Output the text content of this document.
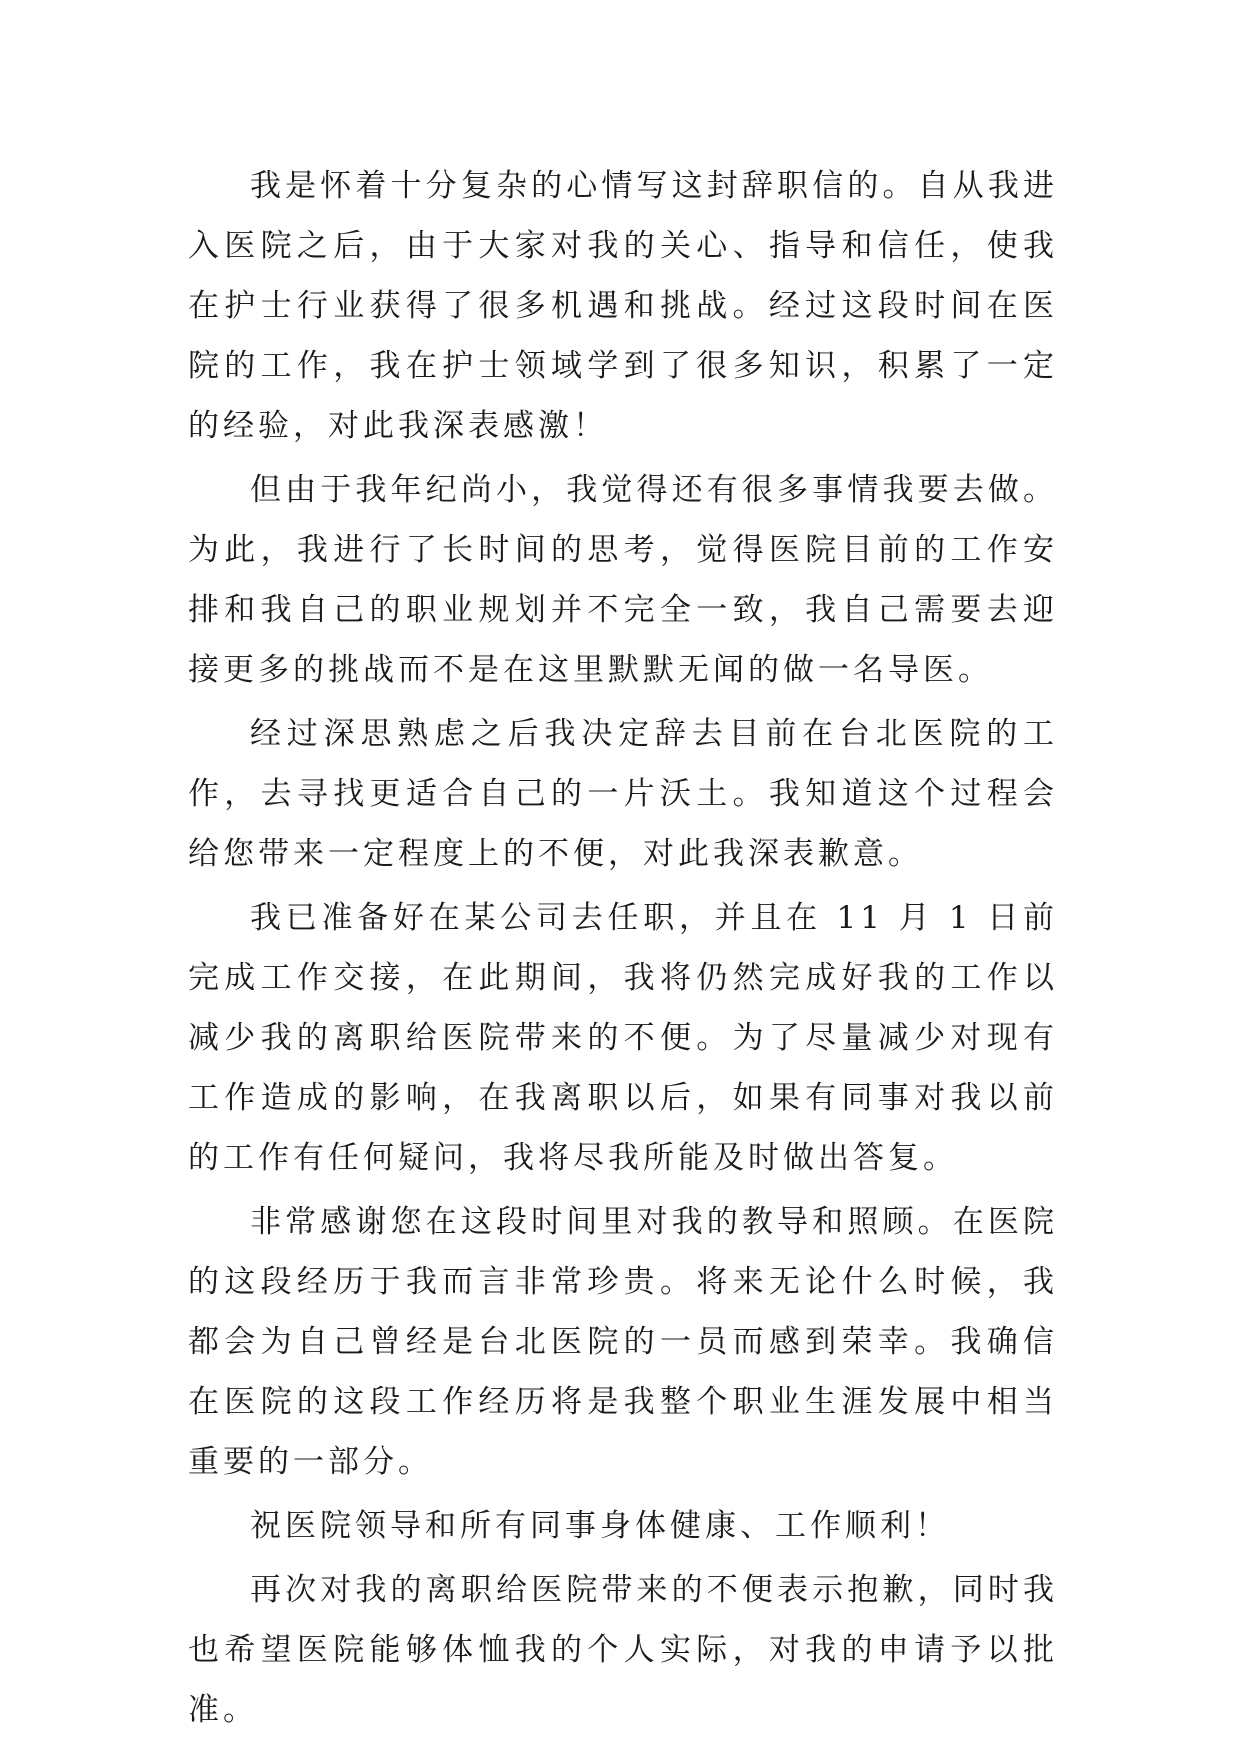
我是怀着十分复杂的心情写这封辞职信的。自从我进入医院之后，由于大家对我的关心、指导和信任，使我在护士行业获得了很多机遇和挑战。经过这段时间在医院的工作，我在护士领域学到了很多知识，积累了一定的经验，对此我深表感激！

但由于我年纪尚小，我觉得还有很多事情我要去做。为此，我进行了长时间的思考，觉得医院目前的工作安排和我自己的职业规划并不完全一致，我自己需要去迎接更多的挑战而不是在这里默默无闻的做一名导医。

经过深思熟虑之后我决定辞去目前在台北医院的工作，去寻找更适合自己的一片沃土。我知道这个过程会给您带来一定程度上的不便，对此我深表歉意。

我已准备好在某公司去任职，并且在 11 月 1 日前完成工作交接，在此期间，我将仍然完成好我的工作以减少我的离职给医院带来的不便。为了尽量减少对现有工作造成的影响，在我离职以后，如果有同事对我以前的工作有任何疑问，我将尽我所能及时做出答复。

非常感谢您在这段时间里对我的教导和照顾。在医院的这段经历于我而言非常珍贵。将来无论什么时候，我都会为自己曾经是台北医院的一员而感到荣幸。我确信在医院的这段工作经历将是我整个职业生涯发展中相当重要的一部分。

祝医院领导和所有同事身体健康、工作顺利！

再次对我的离职给医院带来的不便表示抱歉，同时我也希望医院能够体恤我的个人实际，对我的申请予以批准。
